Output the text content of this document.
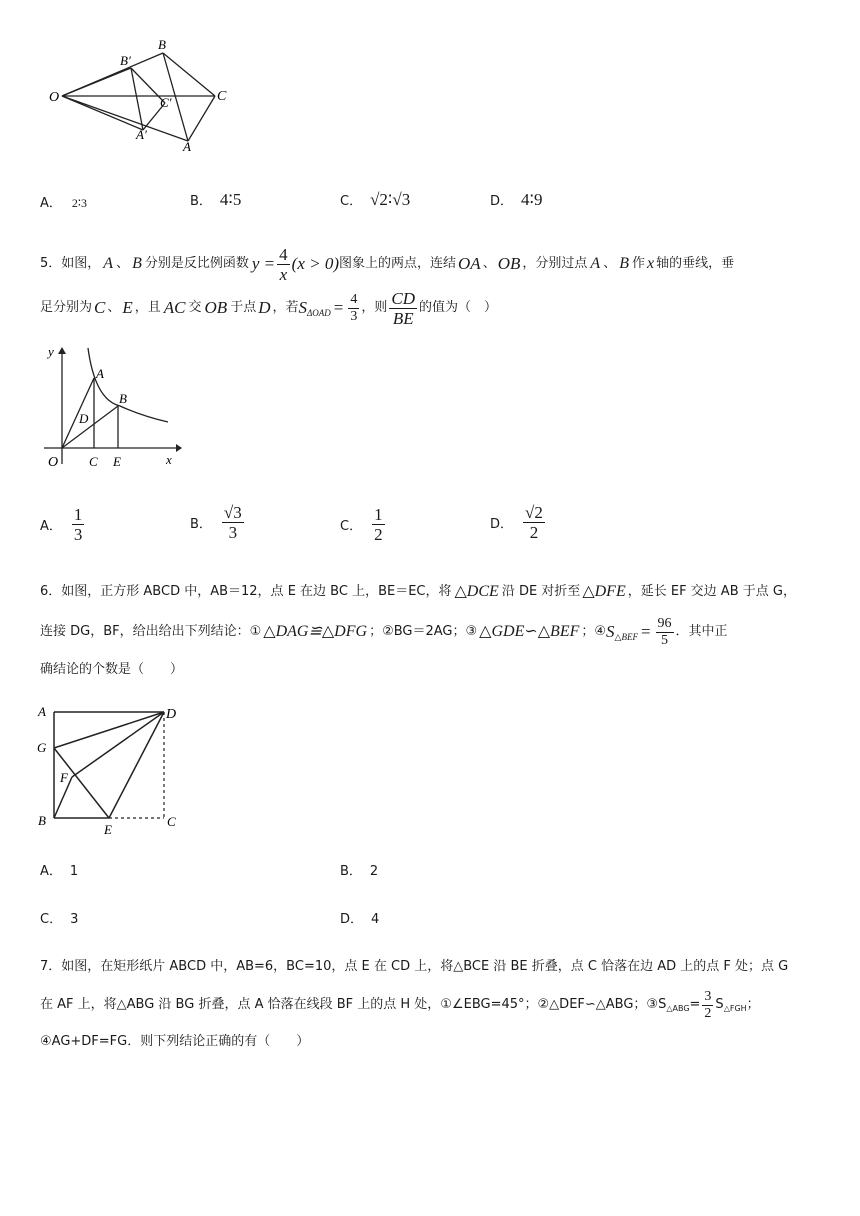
O
B′
B
C
C′
A′
A
A． 2∶3	B． 4∶5	C． √2∶√3	D． 4∶9
5． 如图， A 、 B 分别是反比例函数 $y = \frac{4}{x} (x > 0)$ 图象上的两点，连结 OA 、 OB ，分别过点 A 、 B 作 x 轴的垂线，垂
足分别为 C 、 E ，且 AC 交 OB 于点 D ，若 S $\Delta OAD = \frac{4}{3}$ ，则 $\frac{CD}{BE}$ 的值为（　）
y
A
B
D
O C E	x
A． $\frac{1}{3}$	B． $\frac{√3}{3}$	C． $\frac{1}{2}$	D． $\frac{√2}{2}$
6．如图，正方形 ABCD 中，AB＝12，点 E 在边 BC 上，BE＝EC，将 △DCE 沿 DE 对折至 △DFE ，延长 EF 交边 AB 于点 G，
连接 DG，BF，给出给出下列结论：① △DAG≌△DFG ；②BG＝2AG；③ △GDE∽△BEF ；④ S △BEF = $\frac{96}{5}$ ．其中正
确结论的个数是（　　）
A	D
G
F
B
E
C
A． 1	B． 2
C． 3	D． 4
7．如图，在矩形纸片 ABCD 中，AB=6，BC=10，点 E 在 CD 上，将△BCE 沿 BE 折叠，点 C 恰落在边 AD 上的点 F 处；点 G
在 AF 上，将△ABG 沿 BG 折叠，点 A 恰落在线段 BF 上的点 H 处，①∠EBG=45°；②△DEF∽△ABG；③S △ABG = $\frac{3}{2}$ S △FGH ；
④AG+DF=FG．则下列结论正确的有（　　）
